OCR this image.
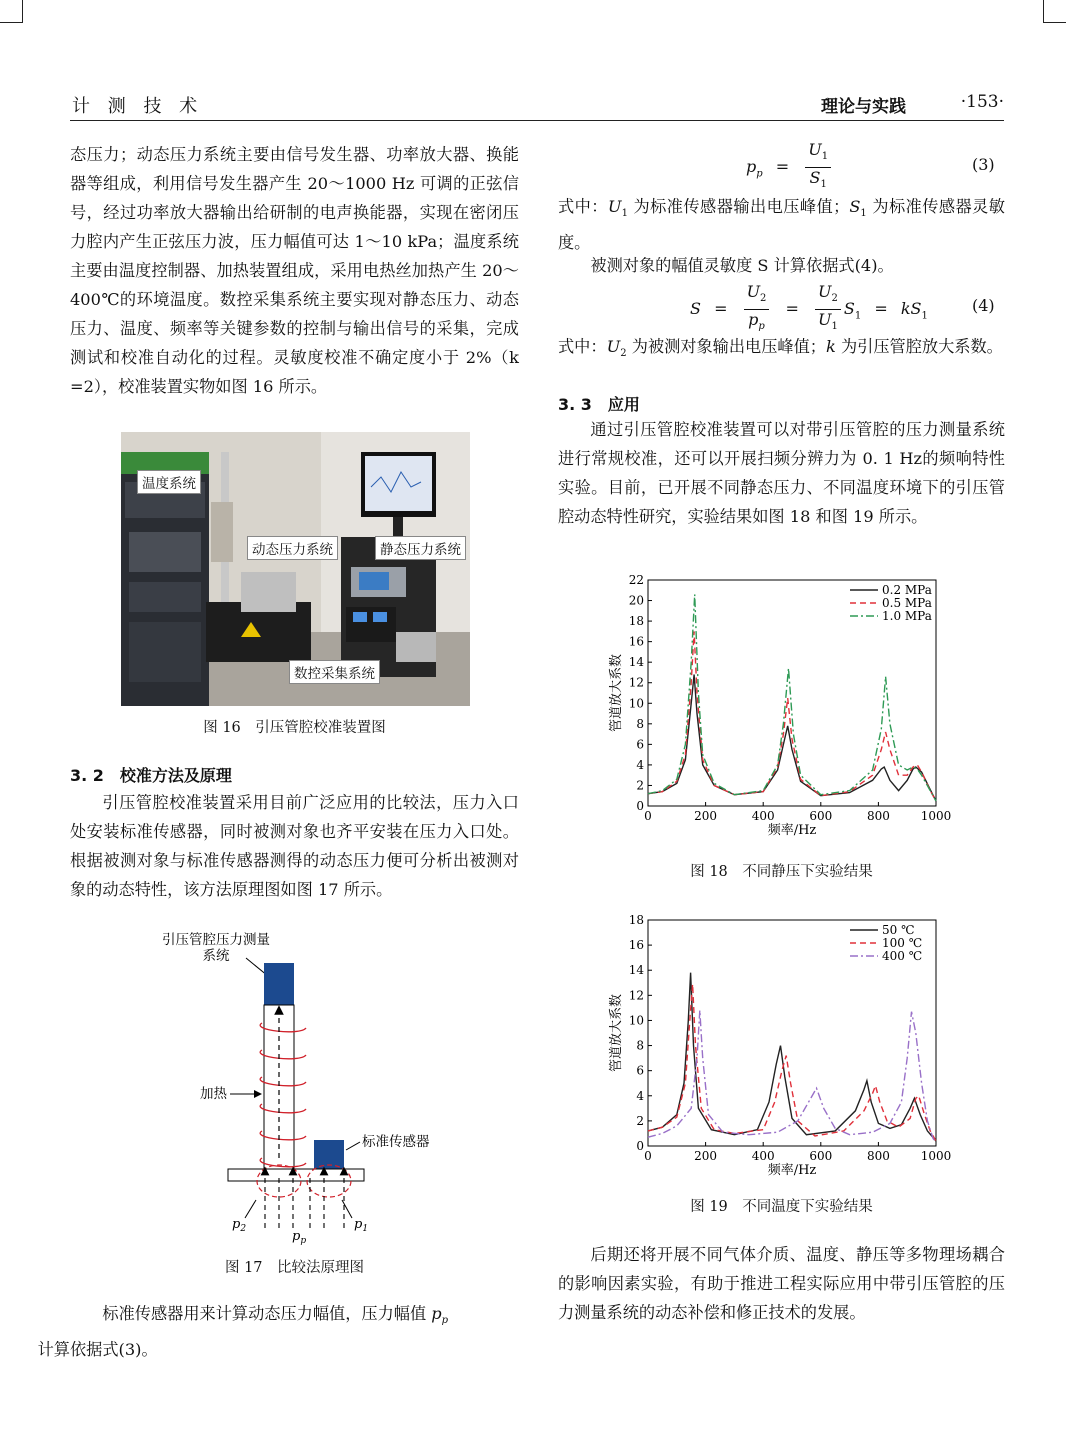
计 测 技 术	理论与实践	·153·

态压力；动态压力系统主要由信号发生器、功率放大器、换能器等组成，利用信号发生器产生 20～1000 Hz 可调的正弦信号，经过功率放大器输出给研制的电声换能器，实现在密闭压力腔内产生正弦压力波，压力幅值可达 1～10 kPa；温度系统主要由温度控制器、加热装置组成，采用电热丝加热产生 20～400℃的环境温度。数控采集系统主要实现对静态压力、动态压力、温度、频率等关键参数的控制与输出信号的采集，完成测试和校准自动化的过程。灵敏度校准不确定度小于 2%（k =2），校准装置实物如图 16 所示。

温度系统
动态压力系统	静态压力系统
数控采集系统
图 16　引压管腔校准装置图
3. 2　校准方法及原理

引压管腔校准装置采用目前广泛应用的比较法，压力入口处安装标准传感器，同时被测对象也齐平安装在压力入口处。根据被测对象与标准传感器测得的动态压力便可分析出被测对象的动态特性，该方法原理图如图 17 所示。

引压管腔压力测量
系统
加热
标准传感器
$p_2$	$p_p$
$p_1$
图 17　比较法原理图

标准传感器用来计算动态压力幅值，压力幅值 $p_p$
计算依据式(3)。

$p_p = \frac{U_1}{S_1}$	(3)

式中：$U_1$ 为标准传感器输出电压峰值；$S_1$ 为标准传感器灵敏度。

被测对象的幅值灵敏度 S 计算依据式(4)。

$S = \frac{U_2}{p_p} = \frac{U_2}{U_1} S_1 = kS_1$
(4)

式中：$U_2$ 为被测对象输出电压峰值；k 为引压管腔放大系数。

3. 3　应用

通过引压管腔校准装置可以对带引压管腔的压力测量系统进行常规校准，还可以开展扫频分辨力为 0. 1 Hz的频响特性实验。目前，已开展不同静态压力、不同温度环境下的引压管腔动态特性研究，实验结果如图 18 和图 19 所示。

0
2
4
6
8
10
12
14
16
18
20
22
0	200	400	600	800	1000
频率/Hz
管道放大系数
0.2 MPa
0.5 MPa
1.0 MPa
图 18　不同静压下实验结果
0
2
4
6
8
10
12
14
16
18
0	200	400	600	800	1000
频率/Hz
管道放大系数
50 ℃
100 ℃
400 ℃
图 19　不同温度下实验结果

后期还将开展不同气体介质、温度、静压等多物理场耦合的影响因素实验，有助于推进工程实际应用中带引压管腔的压力测量系统的动态补偿和修正技术的发展。
